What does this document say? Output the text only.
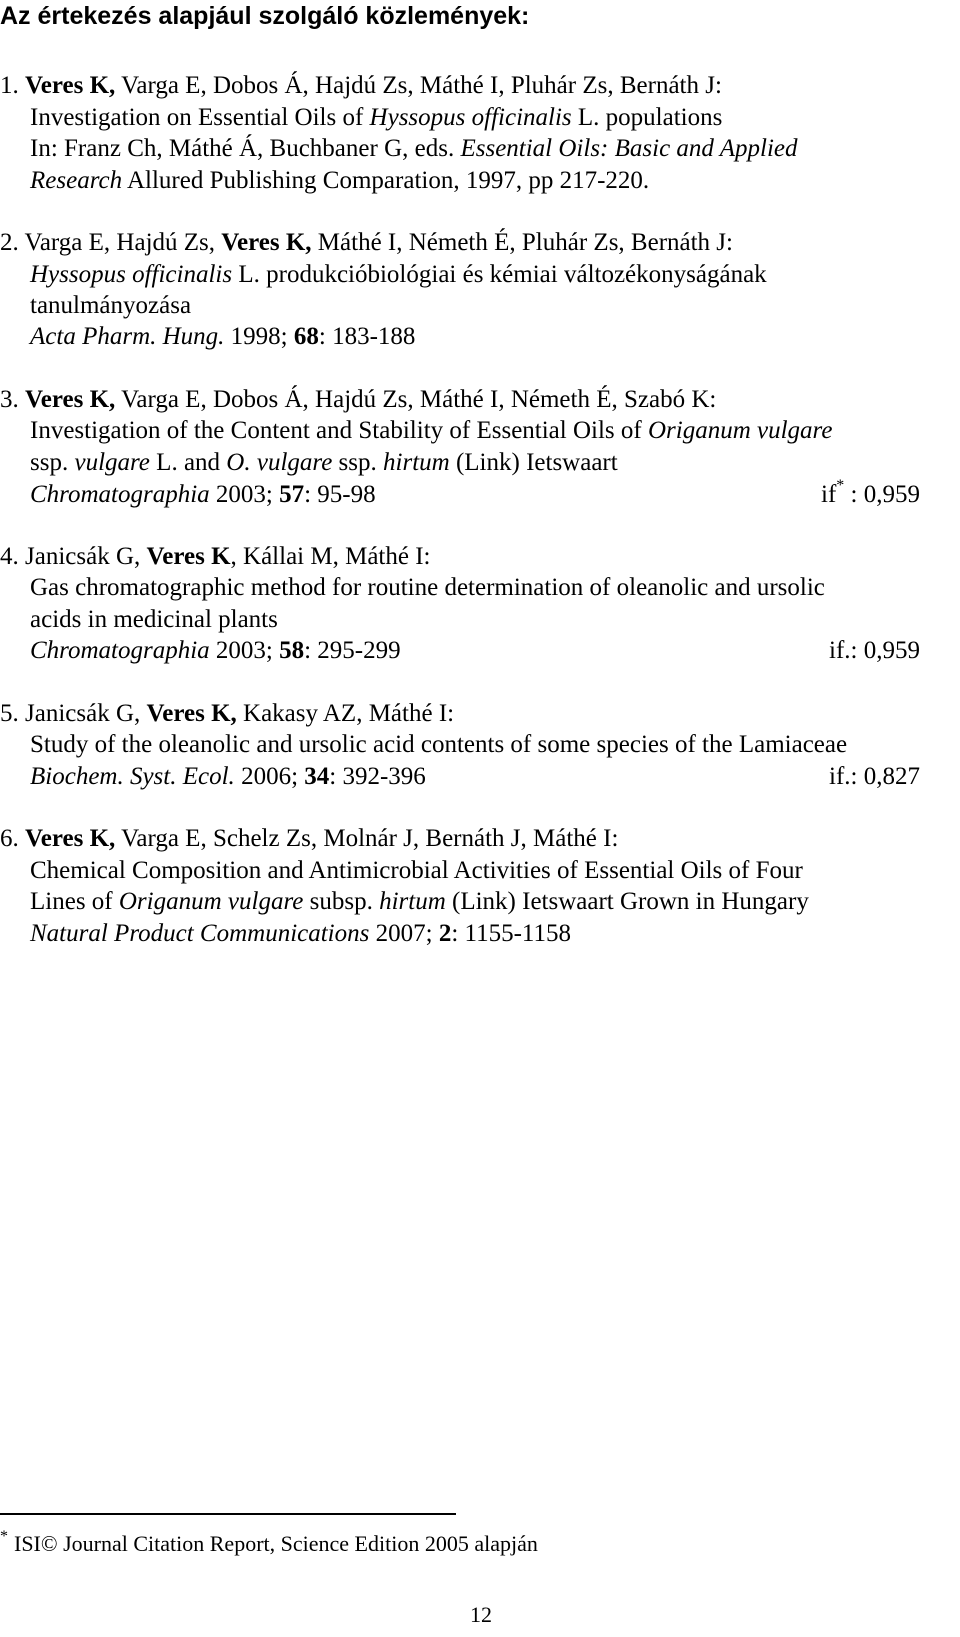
Az értekezés alapjául szolgáló közlemények:
1. Veres K, Varga E, Dobos Á, Hajdú Zs, Máthé I, Pluhár Zs, Bernáth J:
Investigation on Essential Oils of Hyssopus officinalis L. populations
In: Franz Ch, Máthé Á, Buchbaner G, eds. Essential Oils: Basic and Applied
Research Allured Publishing Comparation, 1997, pp 217-220.
2. Varga E, Hajdú Zs, Veres K, Máthé I, Németh É, Pluhár Zs, Bernáth J:
Hyssopus officinalis L. produkcióbiológiai és kémiai változékonyságának
tanulmányozása
Acta Pharm. Hung. 1998; 68: 183-188
3. Veres K, Varga E, Dobos Á, Hajdú Zs, Máthé I, Németh É, Szabó K:
Investigation of the Content and Stability of Essential Oils of Origanum vulgare
ssp. vulgare L. and O. vulgare ssp. hirtum (Link) Ietswaart
Chromatographia 2003; 57: 95-98	if* : 0,959
4. Janicsák G, Veres K, Kállai M, Máthé I:
Gas chromatographic method for routine determination of oleanolic and ursolic
acids in medicinal plants
Chromatographia 2003; 58: 295-299	if.: 0,959
5. Janicsák G, Veres K, Kakasy AZ, Máthé I:
Study of the oleanolic and ursolic acid contents of some species of the Lamiaceae
Biochem. Syst. Ecol. 2006; 34: 392-396	if.: 0,827
6. Veres K, Varga E, Schelz Zs, Molnár J, Bernáth J, Máthé I:
Chemical Composition and Antimicrobial Activities of Essential Oils of Four
Lines of Origanum vulgare subsp. hirtum (Link) Ietswaart Grown in Hungary
Natural Product Communications 2007; 2: 1155-1158
* ISI© Journal Citation Report, Science Edition 2005 alapján
12
